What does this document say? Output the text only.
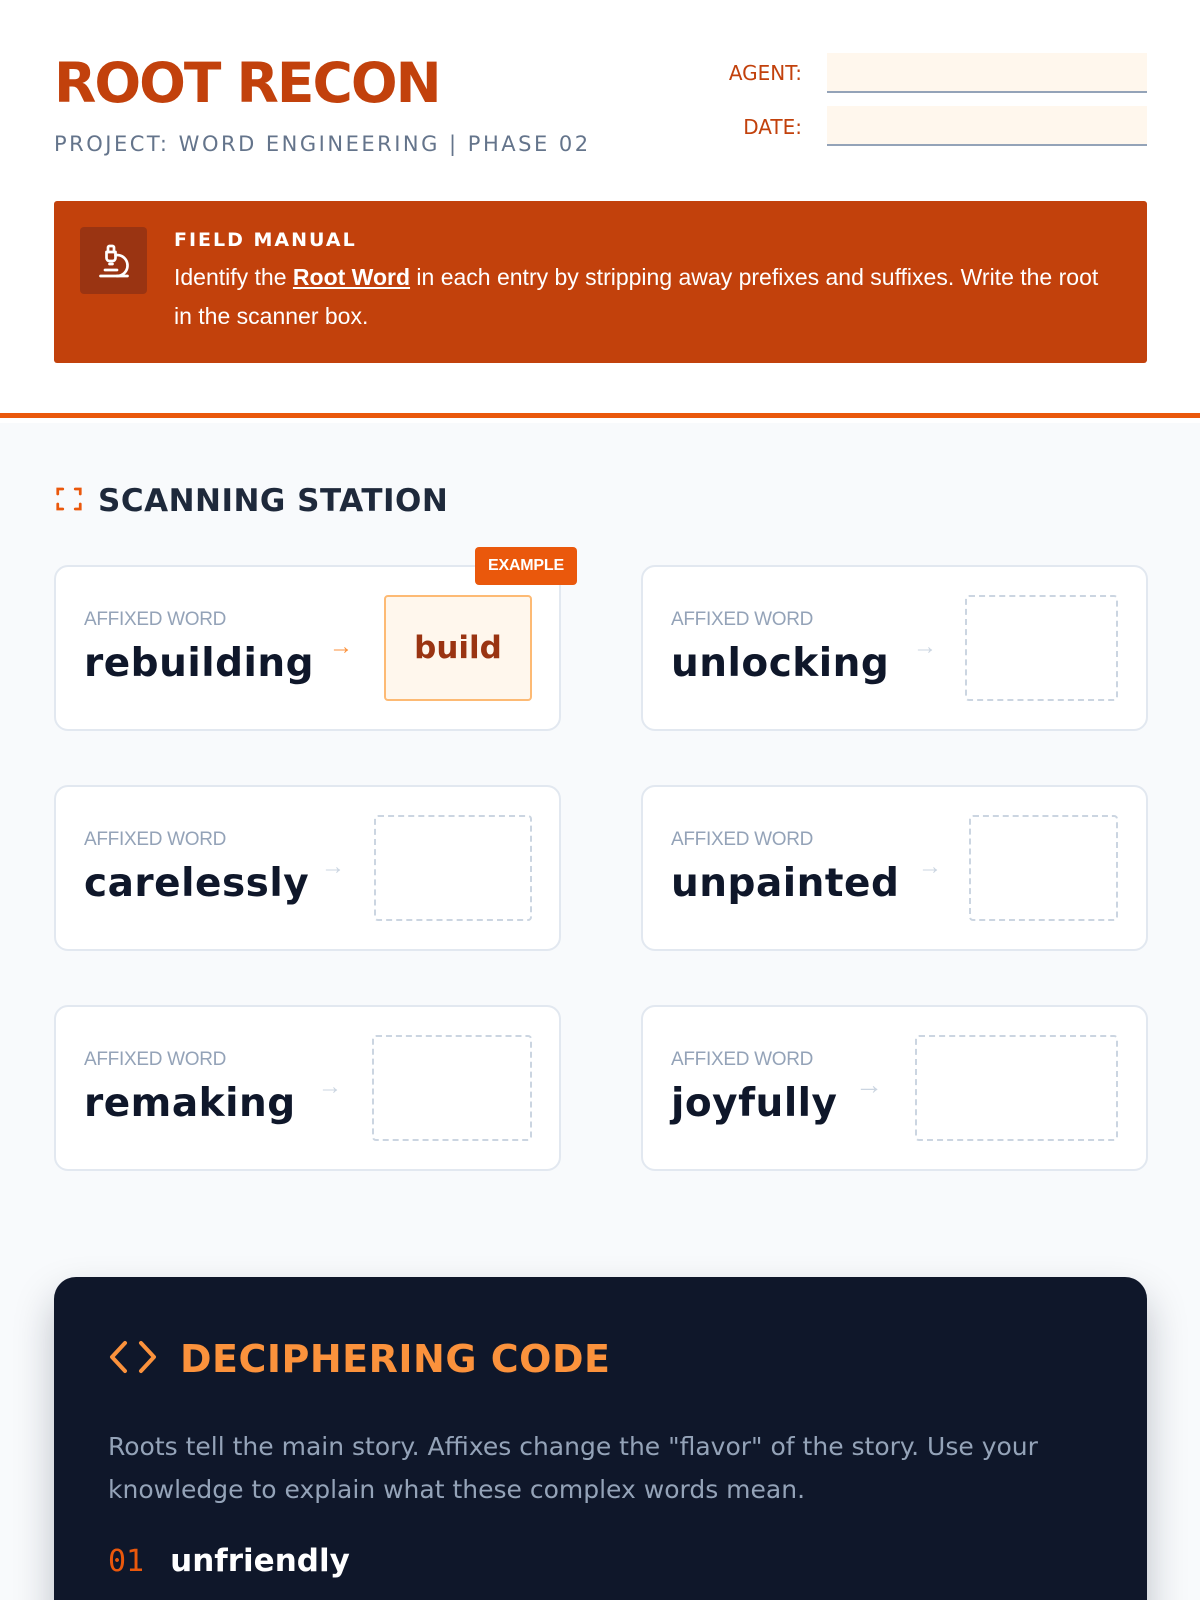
ROOT RECON
PROJECT: WORD ENGINEERING | PHASE 02
AGENT:
DATE:
FIELD MANUAL
Identify the Root Word in each entry by stripping away prefixes and suffixes. Write the root in the scanner box.
SCANNING STATION
EXAMPLE
AFFIXED WORD
rebuilding →	build
AFFIXED WORD
unlocking →
AFFIXED WORD
carelessly →
AFFIXED WORD
unpainted →
AFFIXED WORD
remaking →
AFFIXED WORD
joyfully →
DECIPHERING CODE
Roots tell the main story. Affixes change the "flavor" of the story. Use your knowledge to explain what these complex words mean.
01 unfriendly
